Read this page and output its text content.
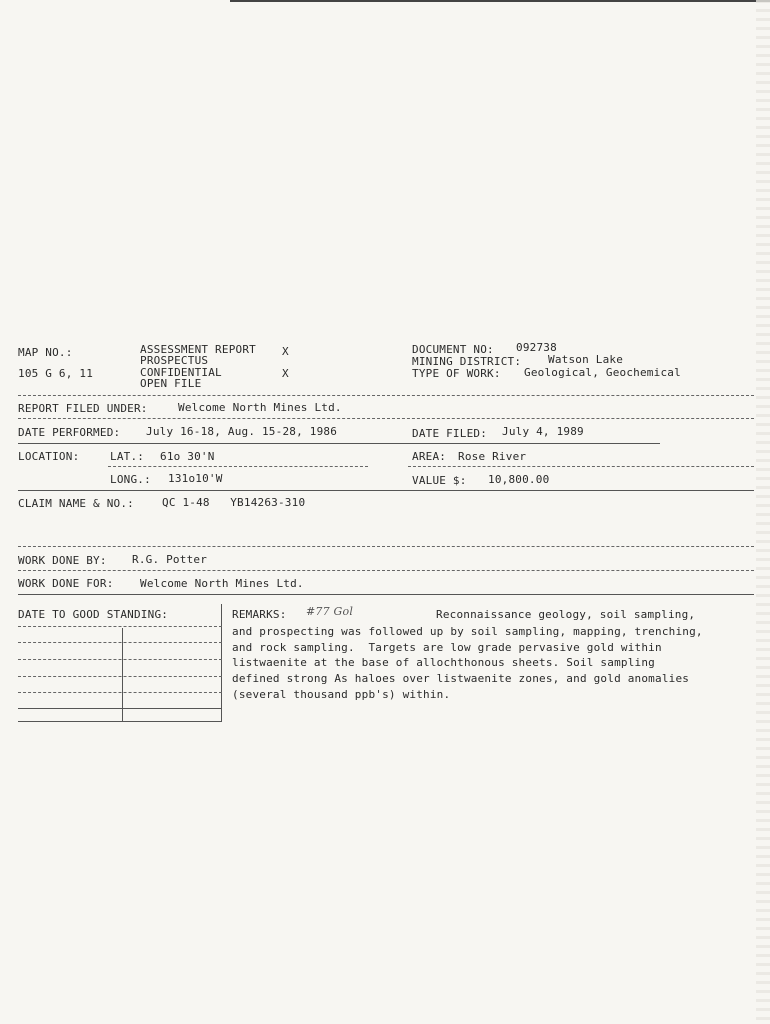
MAP NO.:
105 G 6, 11
ASSESSMENT REPORT X
PROSPECTUS
CONFIDENTIAL	X
OPEN FILE
DOCUMENT NO: 092738
MINING DISTRICT: Watson Lake
TYPE OF WORK: Geological, Geochemical
REPORT FILED UNDER:	Welcome North Mines Ltd.
DATE PERFORMED: July 16-18, Aug. 15-28, 1986	DATE FILED: July 4, 1989
LOCATION:	LAT.: 61o 30'N	AREA: Rose River
LONG.: 131o10'W	VALUE $: 10,800.00
CLAIM NAME & NO.:	QC 1-48   YB14263-310
WORK DONE BY: R.G. Potter
WORK DONE FOR: Welcome North Mines Ltd.
DATE TO GOOD STANDING:	REMARKS: #77 Gol	Reconnaissance geology, soil sampling,
and prospecting was followed up by soil sampling, mapping, trenching,
and rock sampling.  Targets are low grade pervasive gold within
listwaenite at the base of allochthonous sheets. Soil sampling
defined strong As haloes over listwaenite zones, and gold anomalies
(several thousand ppb's) within.
